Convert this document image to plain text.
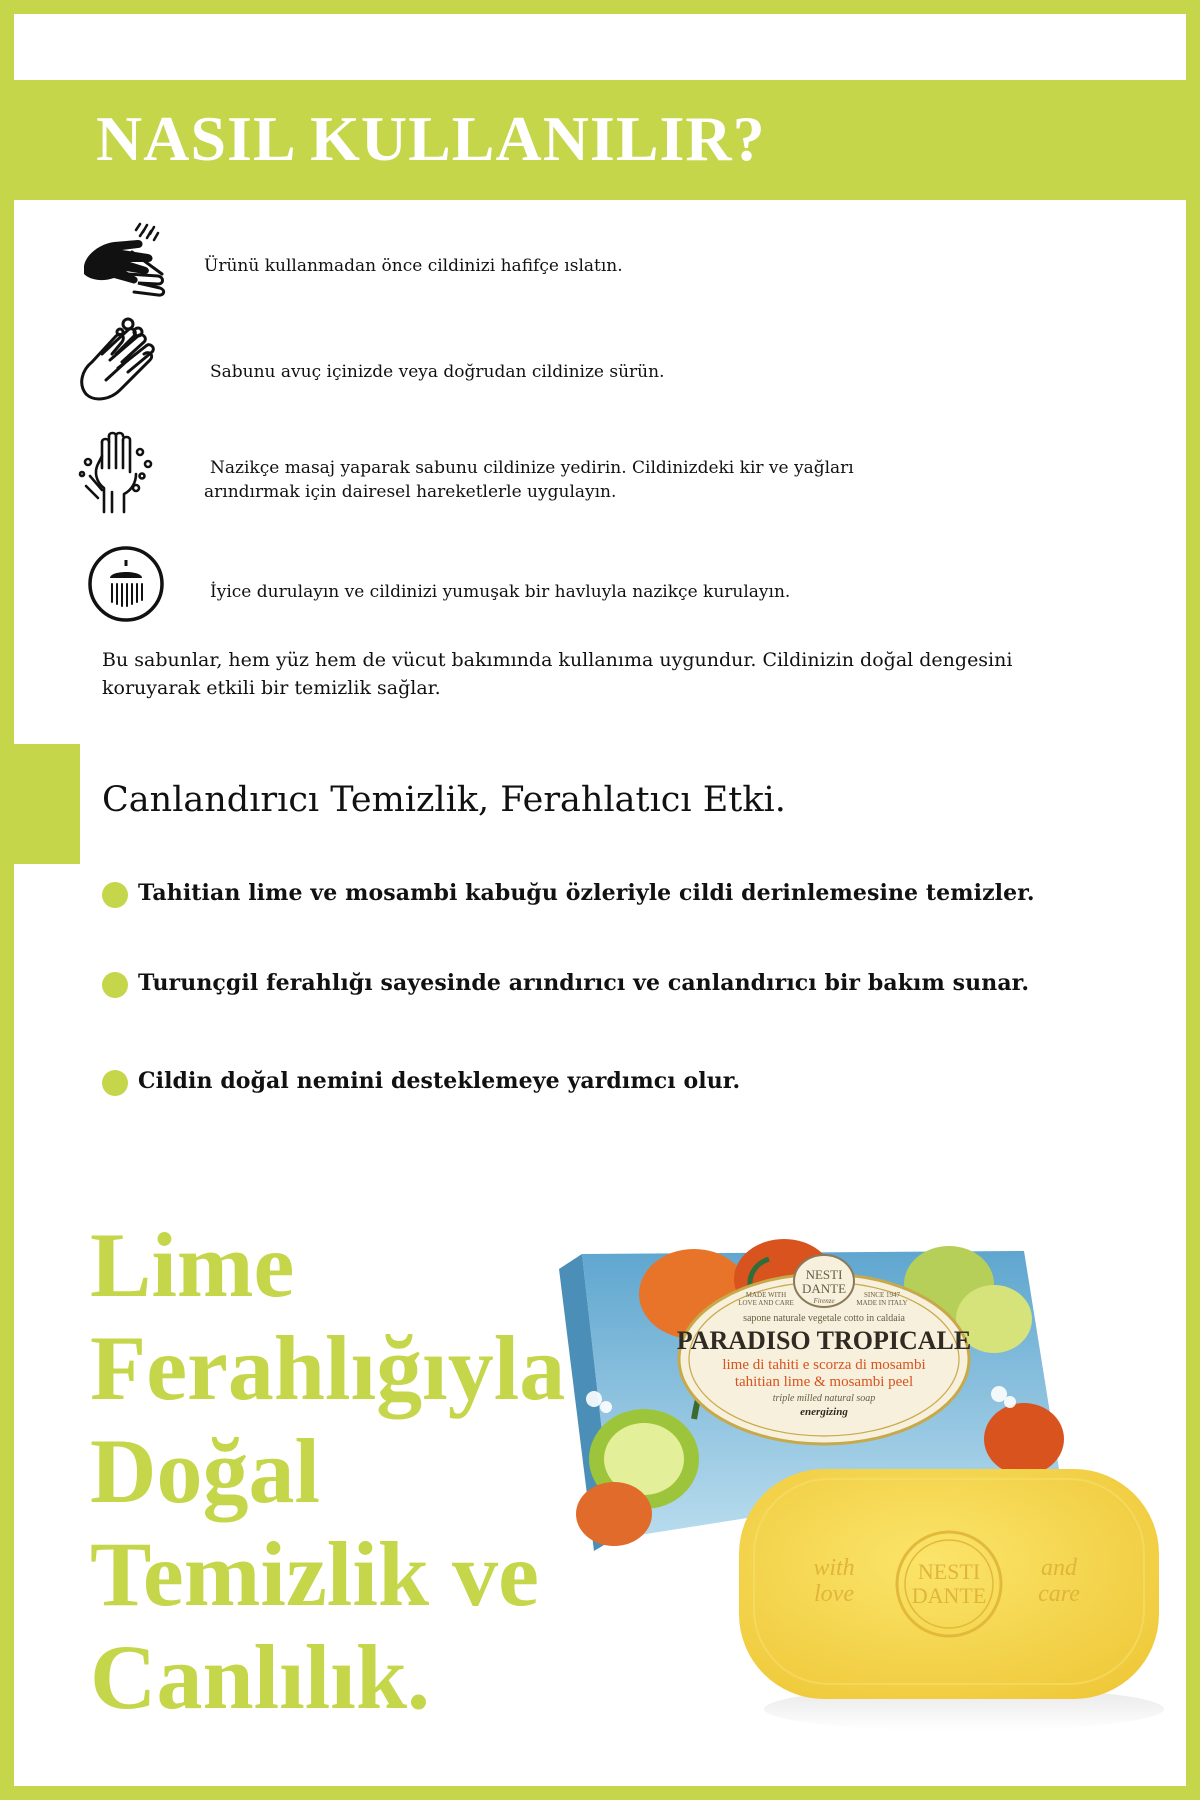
NASIL KULLANILIR?
Ürünü kullanmadan önce cildinizi hafifçe ıslatın.
Sabunu avuç içinizde veya doğrudan cildinize sürün.
Nazikçe masaj yaparak sabunu cildinize yedirin. Cildinizdeki kir ve yağları
arındırmak için dairesel hareketlerle uygulayın.
İyice durulayın ve cildinizi yumuşak bir havluyla nazikçe kurulayın.
Bu sabunlar, hem yüz hem de vücut bakımında kullanıma uygundur. Cildinizin doğal dengesini
koruyarak etkili bir temizlik sağlar.
Canlandırıcı Temizlik, Ferahlatıcı Etki.
Tahitian lime ve mosambi kabuğu özleriyle cildi derinlemesine temizler.
Turunçgil ferahlığı sayesinde arındırıcı ve canlandırıcı bir bakım sunar.
Cildin doğal nemini desteklemeye yardımcı olur.
Lime
Ferahlığıyla
Doğal
Temizlik ve
Canlılık.
NESTI
DANTE
Firenze
MADE WITH
LOVE AND CARE
SINCE 1947
MADE IN ITALY
sapone naturale vegetale cotto in caldaia
PARADISO TROPICALE
lime di tahiti e scorza di mosambi
tahitian lime & mosambi peel
triple milled natural soap
energizing
NESTI
DANTE
with
love
and
care
